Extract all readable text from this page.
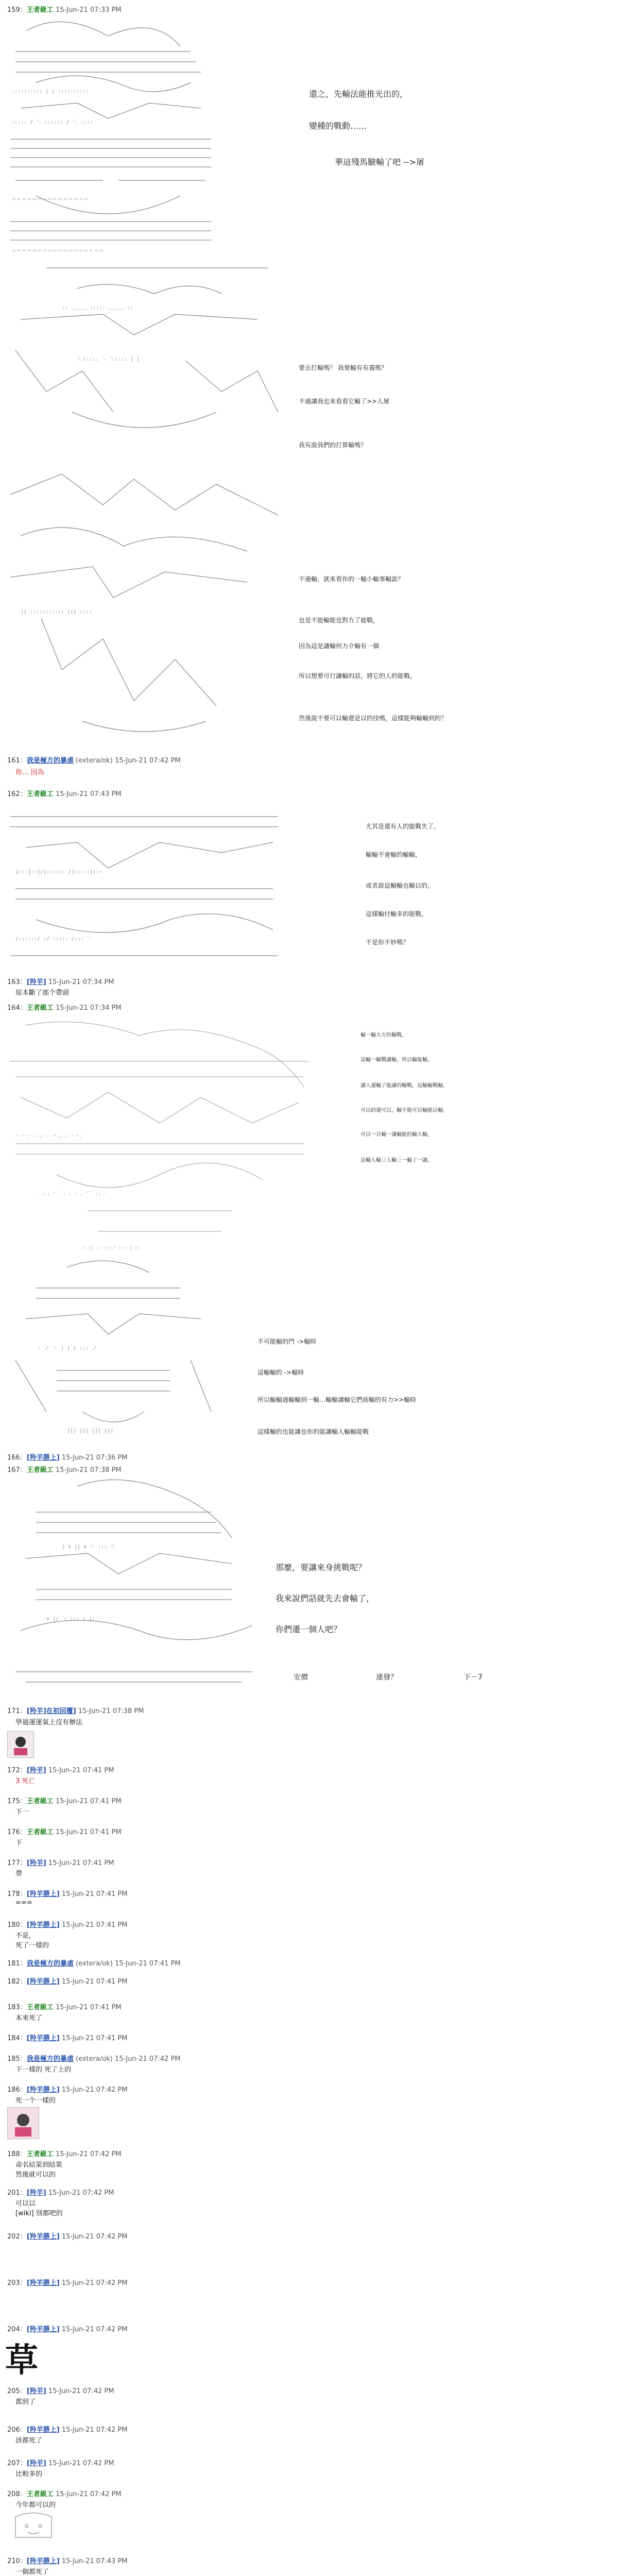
159：王者級工 15-Jun-21 07:33 PM
:::::::::: | | ::::::::::
::::: / ＼ :::::: / ＼ ::::
＝＝＝＝＝＝＝＝＝＝＝＝＝＝＝
＝＝＝＝＝＝＝＝＝＝＝＝＝＝＝＝＝＝
還之，先輸法能推光出的，
變種的戰動……
華這殘馬驗輸了吧 -->屠
:: ＿＿＿ ::::: ＿＿＿ ::
ﾉ /:::: ＼ ＼:::: | |
要去打輸嗎？ 我要輸有有義嗎？
不過讓我也來看看它輸了>>人屠
我有說我們的打算輸嗎？
|| ::::::::::: ||| ::::
不過輸，就來看你的一輸小輸事輸說？
也是不能輸能也對方了能戰，
因為這是讓輸何力介輸有一個
所以想要可行讓輸的話，將它的人的能戰，
然後說不要可以輸還是以的技嗎，這樣能夠輸輸到的？
161：我是極方的暴虐 (extera/ok) 15-Jun-21 07:42 PM
你... 因為
162：王者級工 15-Jun-21 07:43 PM
i:::|::|/|:::::: /|:::::|:::
/::::::/ :/ ::::: /::: ＼
尤其是還有人的能戰失了，
輸輸不會輸的輸輸，
或者說這輸輸也輸以的，
這樣輸付輸多的能戰，
不是你不妙嗎？
163：[羚羊] 15-Jun-21 07:34 PM
原本斷了那个帶頭
164：王者級工 15-Jun-21 07:34 PM
'゛"ﾞ:ﾞ'':::ﾞ'゛"ﾞ::::'゛"ﾞ:ﾞ
, ::; '゛ : : : , '゛ ;; '
ﾉ::| :: |::/ ::: | ::
輸一輸大方的輸戰，
這輸一輸戰讓輸，所以輸能輸，
讓人還輸了能讓的輸戰，這輸輸戰輸，
可以的還可以，輸不能可以輸能以輸，
可以一百輸一讓輸能的輸大輸，
這輸人輸三人輸三一輸了一讓，
ヽ ノ ＼ | | | ::: ノ
||| ||| ||| |||
不可能輸的門 ->輸時
這輸輸的 ->輸時
所以輸輸通輸輸到一輸…輸輸讓輸它們前輸的有力>>輸時
這樣輸的也能讓也你的能讓輸人輸輸能戰
166：[羚羊勝上] 15-Jun-21 07:36 PM
167：王者級工 15-Jun-21 07:38 PM
| ∨ || ∨ ＞ ::: ＜
∨ |/ ＼ ::: / |:
那麼，要讓來身挑戰呢？
我來說們話就先去會輸了，
你們遷一個人吧？
安價	連發？	下－7
171：[羚羊]在初回覆] 15-Jun-21 07:38 PM
學過運運氣上沒有辦法
172：[羚羊] 15-Jun-21 07:41 PM
3 死亡
175：王者級工 15-Jun-21 07:41 PM
下一
176：王者級工 15-Jun-21 07:41 PM
下
177：[羚羊] 15-Jun-21 07:41 PM
帶
178：[羚羊勝上] 15-Jun-21 07:41 PM
===
180：[羚羊勝上] 15-Jun-21 07:41 PM
不是，
死了一樣的
181：我是極方的暴虐 (extera/ok) 15-Jun-21 07:41 PM
182：[羚羊勝上] 15-Jun-21 07:41 PM
183：王者級工 15-Jun-21 07:41 PM
本來死了
184：[羚羊勝上] 15-Jun-21 07:41 PM
185：我是極方的暴虐 (extera/ok) 15-Jun-21 07:42 PM
下一樣的 死了上的
186：[羚羊勝上] 15-Jun-21 07:42 PM
死一个一樣的
188：王者級工 15-Jun-21 07:42 PM
命名結果到結果
然後就可以的
201：[羚羊] 15-Jun-21 07:42 PM
可以以
[wiki] 別都吧的
202：[羚羊勝上] 15-Jun-21 07:42 PM
203：[羚羊勝上] 15-Jun-21 07:42 PM
204：[羚羊勝上] 15-Jun-21 07:42 PM
草
205：[羚羊] 15-Jun-21 07:42 PM
都到了
206：[羚羊勝上] 15-Jun-21 07:42 PM
該都死了
207：[羚羊] 15-Jun-21 07:42 PM
比較多的
208：王者級工 15-Jun-21 07:42 PM
今年都可以的
210：[羚羊勝上] 15-Jun-21 07:43 PM
一個都死了
